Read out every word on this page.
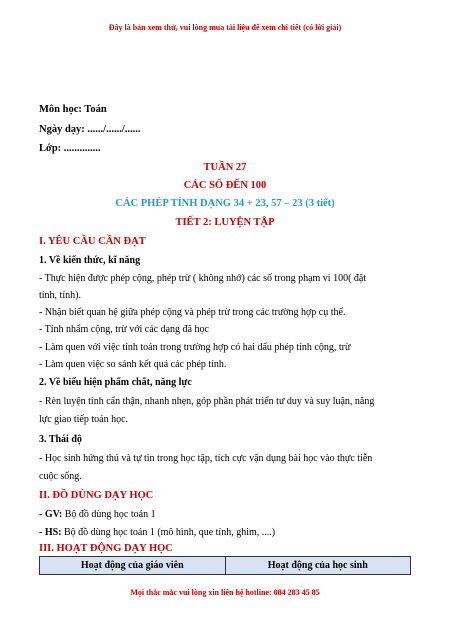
Đây là bản xem thử, vui lòng mua tài liệu để xem chi tiết (có lời giải)
Môn học: Toán
Ngày dạy: ....../....../......
Lớp: ..............
TUẦN 27
CÁC SỐ ĐẾN 100
CÁC PHÉP TÍNH DẠNG 34 + 23, 57 – 23 (3 tiết)
TIẾT 2: LUYỆN TẬP
I. YÊU CẦU CẦN ĐẠT
1. Về kiến thức, kĩ năng
- Thực hiện được phép cộng, phép trừ ( không nhớ) các số trong phạm vi 100( đặt
tính, tính).
- Nhận biết quan hệ giữa phép cộng và phép trừ trong các trường hợp cụ thể.
- Tính nhẩm cộng, trừ với các dạng đã học
- Làm quen với việc tính toán trong trường hợp có hai dấu phép tính cộng, trừ
- Làm quen việc so sánh kết quả các phép tính.
2. Về biểu hiện phẩm chất, năng lực
- Rèn luyện tính cẩn thận, nhanh nhẹn, góp phần phát triển tư duy và suy luận, năng
lực giao tiếp toán học.
3. Thái độ
- Học sinh hứng thú và tự tin trong học tập, tích cực vận dụng bài học vào thực tiễn
cuộc sống.
II. ĐỒ DÙNG DẠY HỌC
- GV: Bộ đồ dùng học toán 1
- HS: Bộ đồ dùng học toán 1 (mô hình, que tính, ghim, ....)
III. HOẠT ĐỘNG DẠY HỌC
Hoạt động của giáo viên	Hoạt động của học sinh
Mọi thắc mắc vui lòng xin liên hệ hotline: 084 283 45 85
